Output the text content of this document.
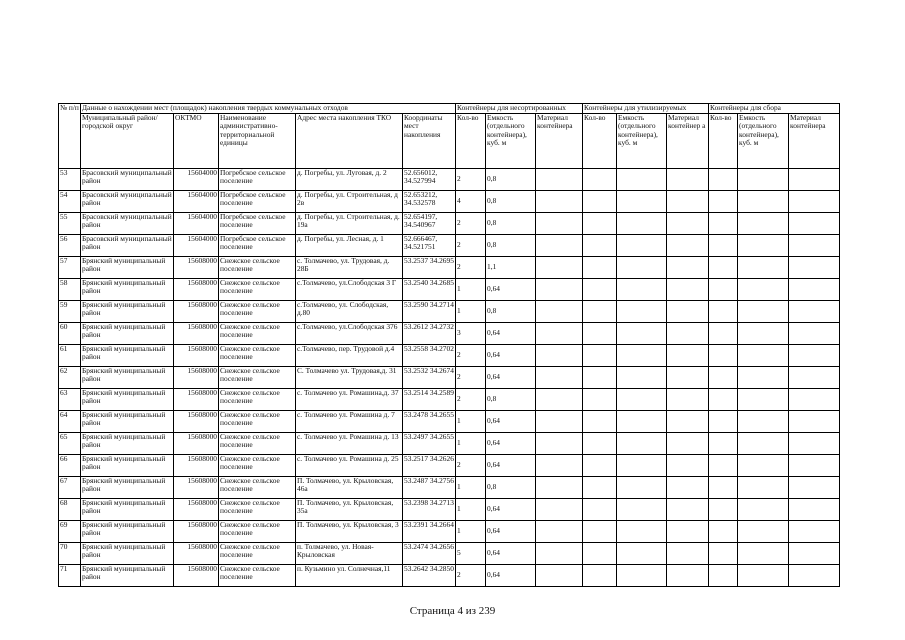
№ п/п	Данные о нахождении мест (площадок) накопления твердых коммунальных отходов					Контейнеры для несортированных			Контейнеры для утилизируемых			Контейнеры для сбора		
	Муниципальный район/городской округ	ОКТМО	Наименование административно-территориальной единицы	Адрес места накопления ТКО	Координаты мест накопления	Кол-во	Емкость (отдельного контейнера), куб. м	Материал контейнера	Кол-во	Емкость (отдельного контейнера), куб. м	Материал контейнер а	Кол-во	Емкость (отдельного контейнера), куб. м	Материал контейнера
53	Брасовский муниципальный район	15604000	Погребское сельское поселение	д. Погребы, ул. Луговая, д. 2	52.656012, 34.527994	2	0,8							
54	Брасовский муниципальный район	15604000	Погребское сельское поселение	д. Погребы, ул. Строительная, д 2в	52.653212, 34.532578	4	0,8							
55	Брасовский муниципальный район	15604000	Погребское сельское поселение	д. Погребы, ул. Строительная, д. 19а	52.654197, 34.540967	2	0,8							
56	Брасовский муниципальный район	15604000	Погребское сельское поселение	д. Погребы, ул. Лесная, д. 1	52.666467, 34.521751	2	0,8							
57	Брянский муниципальный район	15608000	Снежское сельское поселение	с. Толмачево, ул. Трудовая, д. 28Б	53.2537 34.2695	2	1,1							
58	Брянский муниципальный район	15608000	Снежское сельское поселение	с.Толмачево, ул.Слободская 3 Г	53.2540 34.2685	1	0,64							
59	Брянский муниципальный район	15608000	Снежское сельское поселение	с.Толмачево, ул. Слободская, д.80	53.2590 34.2714	1	0,8							
60	Брянский муниципальный район	15608000	Снежское сельское поселение	с.Толмачево, ул.Слободская 376	53.2612 34.2732	3	0,64							
61	Брянский муниципальный район	15608000	Снежское сельское поселение	с.Толмачево, пер. Трудовой д.4	53.2558 34.2702	2	0,64							
62	Брянский муниципальный район	15608000	Снежское сельское поселение	С. Толмачево ул. Трудовая,д. 31	53.2532 34.2674	2	0,64							
63	Брянский муниципальный район	15608000	Снежское сельское поселение	с. Толмачево ул. Ромашина,д. 37	53.2514 34.2589	2	0,8							
64	Брянский муниципальный район	15608000	Снежское сельское поселение	с. Толмачево ул. Ромашина д. 7	53.2478 34.2655	1	0,64							
65	Брянский муниципальный район	15608000	Снежское сельское поселение	с. Толмачево ул. Ромашина д. 13	53.2497 34.2655	1	0,64							
66	Брянский муниципальный район	15608000	Снежское сельское поселение	с. Толмачево ул. Ромашина д. 25	53.2517 34.2626	2	0,64							
67	Брянский муниципальный район	15608000	Снежское сельское поселение	П. Толмачево, ул. Крыловская, 46а	53.2487 34.2756	1	0,8							
68	Брянский муниципальный район	15608000	Снежское сельское поселение	П. Толмачево, ул. Крыловская, 35а	53.2398 34.2713	1	0,64							
69	Брянский муниципальный район	15608000	Снежское сельское поселение	П. Толмачево, ул. Крыловская, 3	53.2391 34.2664	1	0,64							
70	Брянский муниципальный район	15608000	Снежское сельское поселение	п. Толмачево, ул. Новая-Крыловская	53.2474 34.2656	5	0,64							
71	Брянский муниципальный район	15608000	Снежское сельское поселение	п. Кузьмино ул. Солнечная,11	53.2642 34.2850	2	0,64							
Страница 4 из 239
